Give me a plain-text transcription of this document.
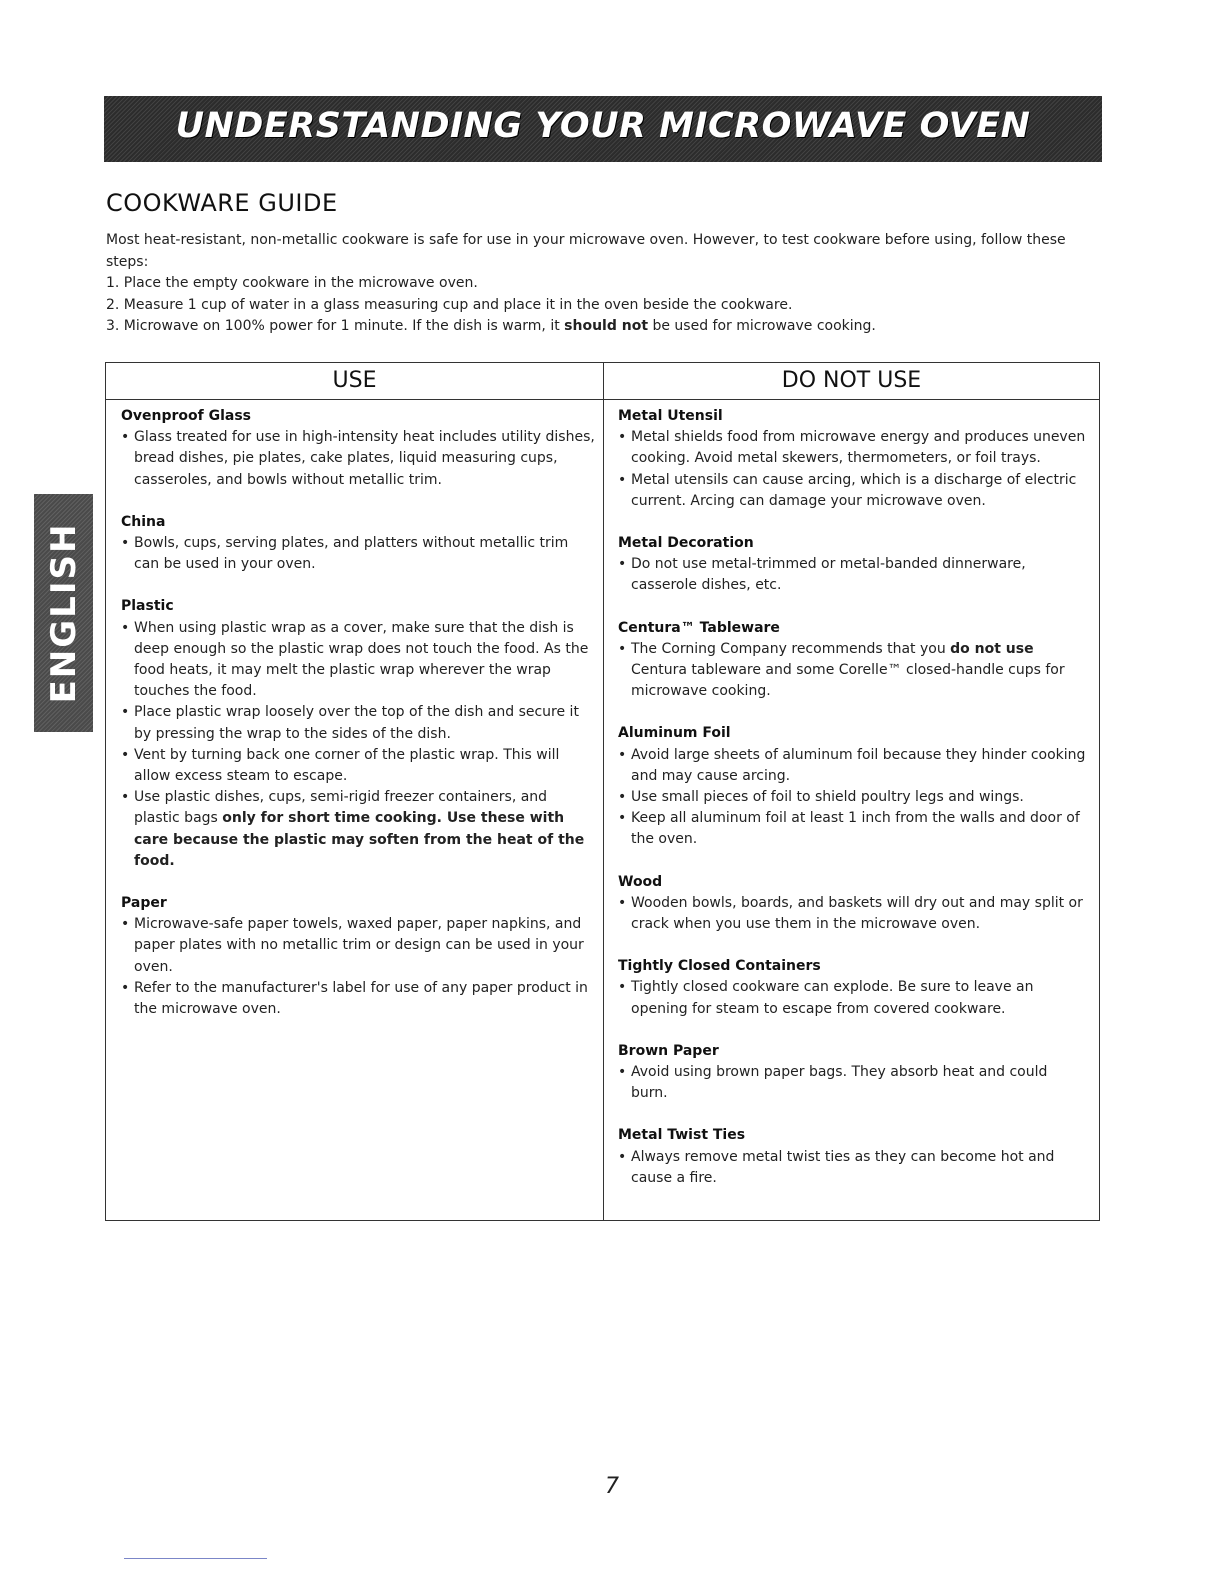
UNDERSTANDING YOUR MICROWAVE OVEN
ENGLISH
COOKWARE GUIDE

Most heat-resistant, non-metallic cookware is safe for use in your microwave oven. However, to test cookware before using, follow these steps:

1. Place the empty cookware in the microwave oven.
2. Measure 1 cup of water in a glass measuring cup and place it in the oven beside the cookware.
3. Microwave on 100% power for 1 minute. If the dish is warm, it should not be used for microwave cooking.
USE	DO NOT USE
Ovenproof Glass

• Glass treated for use in high-intensity heat includes utility dishes, bread dishes, pie plates, cake plates, liquid measuring cups, casseroles, and bowls without metallic trim.

China

• Bowls, cups, serving plates, and platters without metallic trim can be used in your oven.

Plastic

• When using plastic wrap as a cover, make sure that the dish is deep enough so the plastic wrap does not touch the food. As the food heats, it may melt the plastic wrap wherever the wrap touches the food.

• Place plastic wrap loosely over the top of the dish and secure it by pressing the wrap to the sides of the dish.

• Vent by turning back one corner of the plastic wrap. This will allow excess steam to escape.

• Use plastic dishes, cups, semi-rigid freezer containers, and plastic bags only for short time cooking. Use these with care because the plastic may soften from the heat of the food.

Paper

• Microwave-safe paper towels, waxed paper, paper napkins, and paper plates with no metallic trim or design can be used in your oven.

• Refer to the manufacturer's label for use of any paper product in the microwave oven.

Metal Utensil

• Metal shields food from microwave energy and produces uneven cooking. Avoid metal skewers, thermometers, or foil trays.

• Metal utensils can cause arcing, which is a discharge of electric current. Arcing can damage your microwave oven.

Metal Decoration

• Do not use metal-trimmed or metal-banded dinnerware, casserole dishes, etc.

Centura™ Tableware

• The Corning Company recommends that you do not use Centura tableware and some Corelle™ closed-handle cups for microwave cooking.

Aluminum Foil

• Avoid large sheets of aluminum foil because they hinder cooking and may cause arcing.

• Use small pieces of foil to shield poultry legs and wings.

• Keep all aluminum foil at least 1 inch from the walls and door of the oven.

Wood

• Wooden bowls, boards, and baskets will dry out and may split or crack when you use them in the microwave oven.

Tightly Closed Containers

• Tightly closed cookware can explode. Be sure to leave an opening for steam to escape from covered cookware.

Brown Paper

• Avoid using brown paper bags. They absorb heat and could burn.

Metal Twist Ties

• Always remove metal twist ties as they can become hot and cause a fire.

7
